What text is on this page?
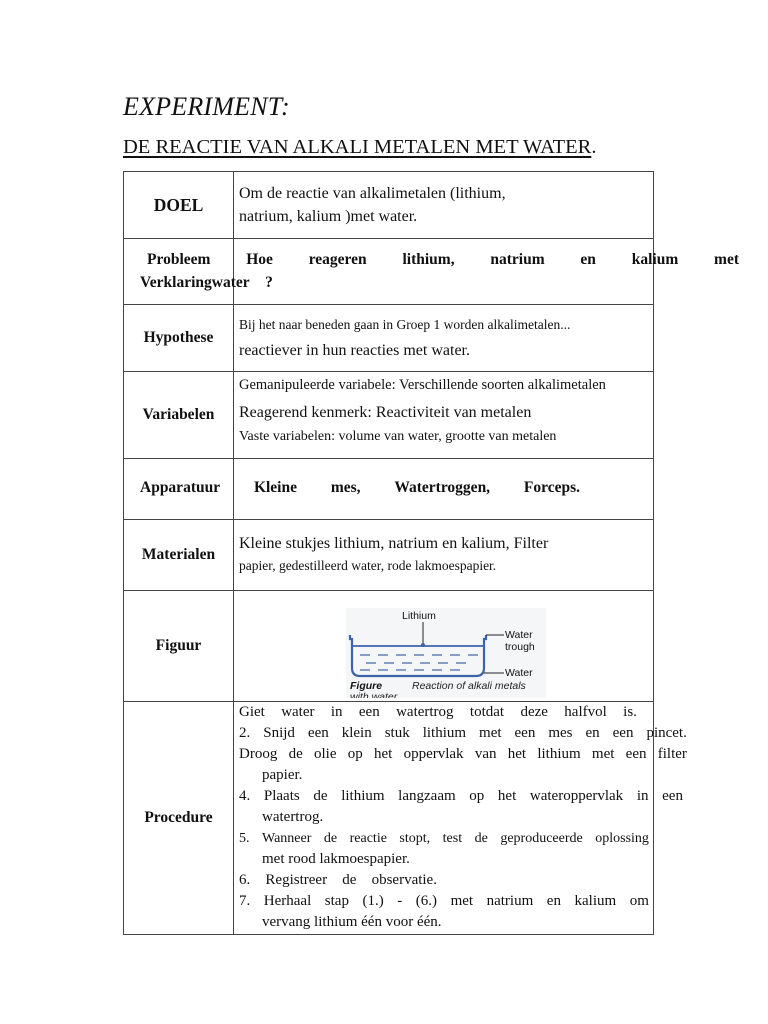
EXPERIMENT:
DE REACTIE VAN ALKALI METALEN MET WATER.
DOEL
Om de reactie van alkalimetalen (lithium,
natrium, kalium )met water.
Probleem Hoe reageren lithium, natrium en kalium met
Verklaringwater ?
Hypothese
Bij het naar beneden gaan in Groep 1 worden alkalimetalen...
reactiever in hun reacties met water.
Variabelen
Gemanipuleerde variabele: Verschillende soorten alkalimetalen
Reagerend kenmerk: Reactiviteit van metalen
Vaste variabelen: volume van water, grootte van metalen
Apparatuur Kleine mes, Watertroggen, Forceps.
Materialen
Kleine stukjes lithium, natrium en kalium, Filter
papier, gedestilleerd water, rode lakmoespapier.
Figuur
Lithium
Water
trough
Water
Figure	Reaction of alkali metals
with water
Procedure
Giet water in een watertrog totdat deze halfvol is.
2. Snijd een klein stuk lithium met een mes en een pincet.
Droog de olie op het oppervlak van het lithium met een filter
papier.
4. Plaats de lithium langzaam op het wateroppervlak in een
watertrog.
5. Wanneer de reactie stopt, test de geproduceerde oplossing
met rood lakmoespapier.
6. Registreer de observatie.
7. Herhaal stap (1.) - (6.) met natrium en kalium om
vervang lithium één voor één.
